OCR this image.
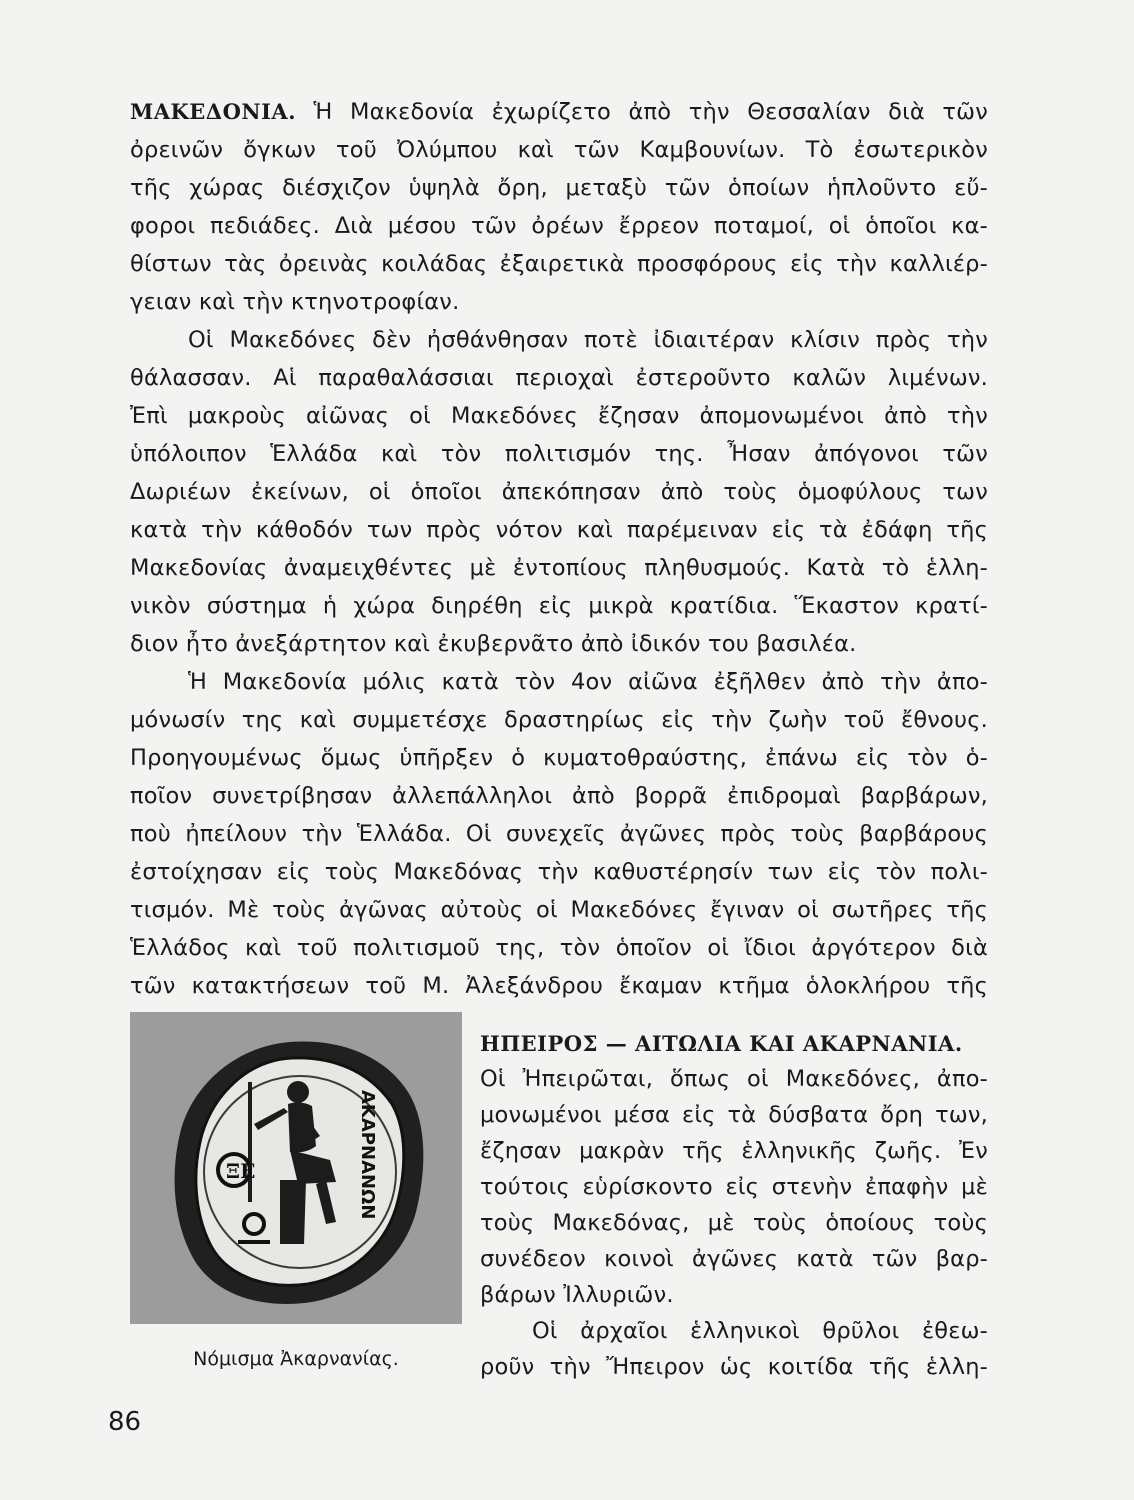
ΜΑΚΕΔΟΝΙΑ. Ἡ Μακεδονία ἐχωρίζετο ἀπὸ τὴν Θεσσαλίαν διὰ τῶν
ὀρεινῶν ὄγκων τοῦ Ὀλύμπου καὶ τῶν Καμβουνίων. Τὸ ἐσωτερικὸν
τῆς χώρας διέσχιζον ὑψηλὰ ὄρη, μεταξὺ τῶν ὁποίων ἡπλοῦντο εὔ-
φοροι πεδιάδες. Διὰ μέσου τῶν ὀρέων ἔρρεον ποταμοί, οἱ ὁποῖοι κα-
θίστων τὰς ὀρεινὰς κοιλάδας ἐξαιρετικὰ προσφόρους εἰς τὴν καλλιέρ-
γειαν καὶ τὴν κτηνοτροφίαν.
Οἱ Μακεδόνες δὲν ἠσθάνθησαν ποτὲ ἰδιαιτέραν κλίσιν πρὸς τὴν
θάλασσαν. Αἱ παραθαλάσσιαι περιοχαὶ ἐστεροῦντο καλῶν λιμένων.
Ἐπὶ μακροὺς αἰῶνας οἱ Μακεδόνες ἔζησαν ἀπομονωμένοι ἀπὸ τὴν
ὑπόλοιπον Ἑλλάδα καὶ τὸν πολιτισμόν της. Ἦσαν ἀπόγονοι τῶν
Δωριέων ἐκείνων, οἱ ὁποῖοι ἀπεκόπησαν ἀπὸ τοὺς ὁμοφύλους των
κατὰ τὴν κάθοδόν των πρὸς νότον καὶ παρέμειναν εἰς τὰ ἐδάφη τῆς
Μακεδονίας ἀναμειχθέντες μὲ ἐντοπίους πληθυσμούς. Κατὰ τὸ ἑλλη-
νικὸν σύστημα ἡ χώρα διηρέθη εἰς μικρὰ κρατίδια. Ἕκαστον κρατί-
διον ἦτο ἀνεξάρτητον καὶ ἐκυβερνᾶτο ἀπὸ ἰδικόν του βασιλέα.
Ἡ Μακεδονία μόλις κατὰ τὸν 4ον αἰῶνα ἐξῆλθεν ἀπὸ τὴν ἀπο-
μόνωσίν της καὶ συμμετέσχε δραστηρίως εἰς τὴν ζωὴν τοῦ ἔθνους.
Προηγουμένως ὅμως ὑπῆρξεν ὁ κυματοθραύστης, ἐπάνω εἰς τὸν ὁ-
ποῖον συνετρίβησαν ἀλλεπάλληλοι ἀπὸ βορρᾶ ἐπιδρομαὶ βαρβάρων,
ποὺ ἠπείλουν τὴν Ἑλλάδα. Οἱ συνεχεῖς ἀγῶνες πρὸς τοὺς βαρβάρους
ἐστοίχησαν εἰς τοὺς Μακεδόνας τὴν καθυστέρησίν των εἰς τὸν πολι-
τισμόν. Μὲ τοὺς ἀγῶνας αὐτοὺς οἱ Μακεδόνες ἔγιναν οἱ σωτῆρες τῆς
Ἑλλάδος καὶ τοῦ πολιτισμοῦ της, τὸν ὁποῖον οἱ ἴδιοι ἀργότερον διὰ
τῶν κατακτήσεων τοῦ Μ. Ἀλεξάνδρου ἔκαμαν κτῆμα ὁλοκλήρου τῆς
ΞΕ	ΑΚΑΡΝΑΝΩΝ
Νόμισμα Ἀκαρνανίας.
ΗΠΕΙΡΟΣ — ΑΙΤΩΛΙΑ ΚΑΙ ΑΚΑΡΝΑΝΙΑ.
Οἱ Ἠπειρῶται, ὅπως οἱ Μακεδόνες, ἀπο-
μονωμένοι μέσα εἰς τὰ δύσβατα ὄρη των,
ἔζησαν μακρὰν τῆς ἑλληνικῆς ζωῆς. Ἐν
τούτοις εὑρίσκοντο εἰς στενὴν ἐπαφὴν μὲ
τοὺς Μακεδόνας, μὲ τοὺς ὁποίους τοὺς
συνέδεον κοινοὶ ἀγῶνες κατὰ τῶν βαρ-
βάρων Ἰλλυριῶν.
Οἱ ἀρχαῖοι ἑλληνικοὶ θρῦλοι ἐθεω-
ροῦν τὴν Ἤπειρον ὡς κοιτίδα τῆς ἑλλη-
86
